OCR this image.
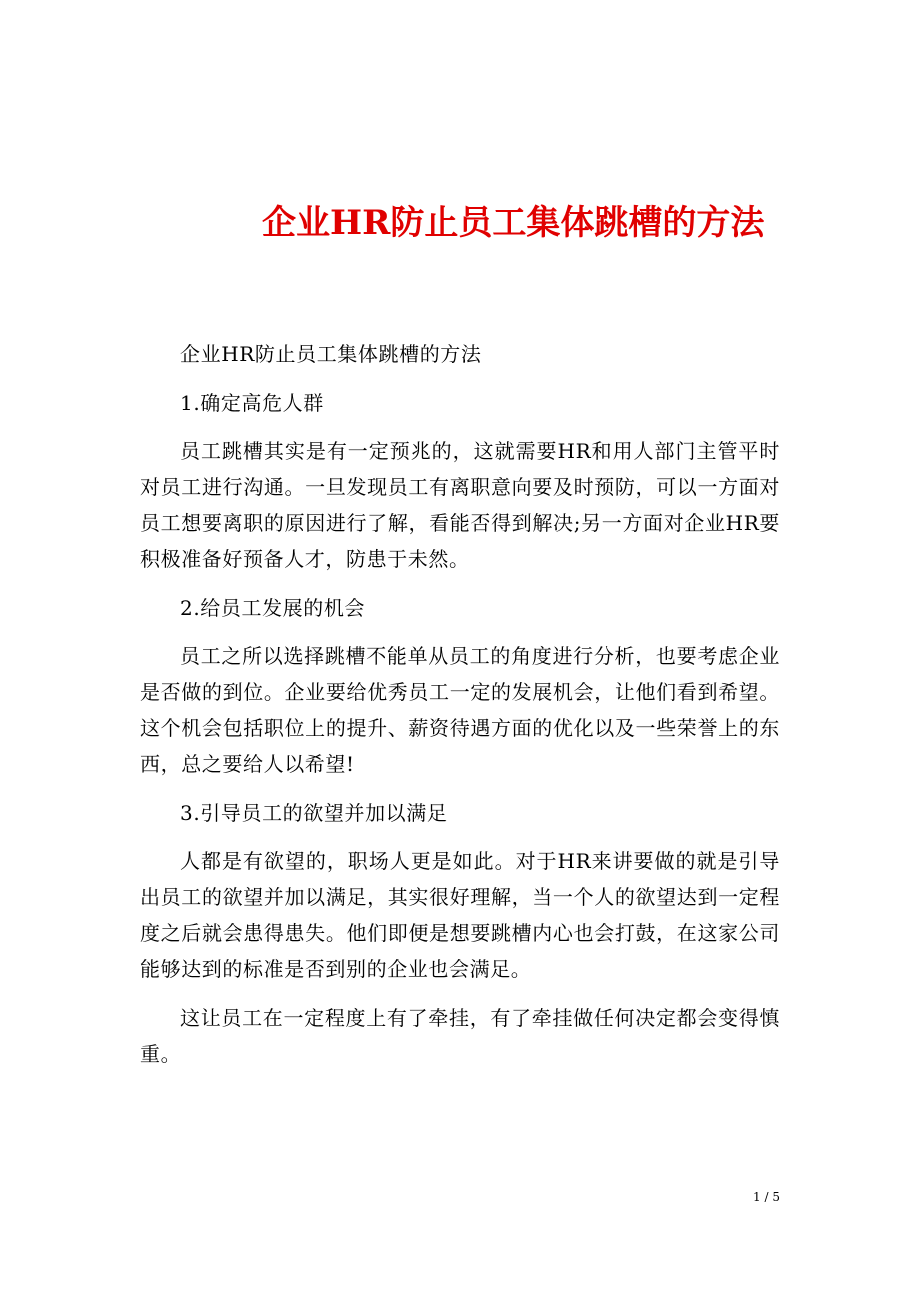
企业HR防止员工集体跳槽的方法

企业HR防止员工集体跳槽的方法

1.确定高危人群

员工跳槽其实是有一定预兆的，这就需要HR和用人部门主管平时对员工进行沟通。一旦发现员工有离职意向要及时预防，可以一方面对员工想要离职的原因进行了解，看能否得到解决;另一方面对企业HR要积极准备好预备人才，防患于未然。

2.给员工发展的机会

员工之所以选择跳槽不能单从员工的角度进行分析，也要考虑企业是否做的到位。企业要给优秀员工一定的发展机会，让他们看到希望。这个机会包括职位上的提升、薪资待遇方面的优化以及一些荣誉上的东西，总之要给人以希望!

3.引导员工的欲望并加以满足

人都是有欲望的，职场人更是如此。对于HR来讲要做的就是引导出员工的欲望并加以满足，其实很好理解，当一个人的欲望达到一定程度之后就会患得患失。他们即便是想要跳槽内心也会打鼓，在这家公司能够达到的标准是否到别的企业也会满足。

这让员工在一定程度上有了牵挂，有了牵挂做任何决定都会变得慎重。

1 / 5
